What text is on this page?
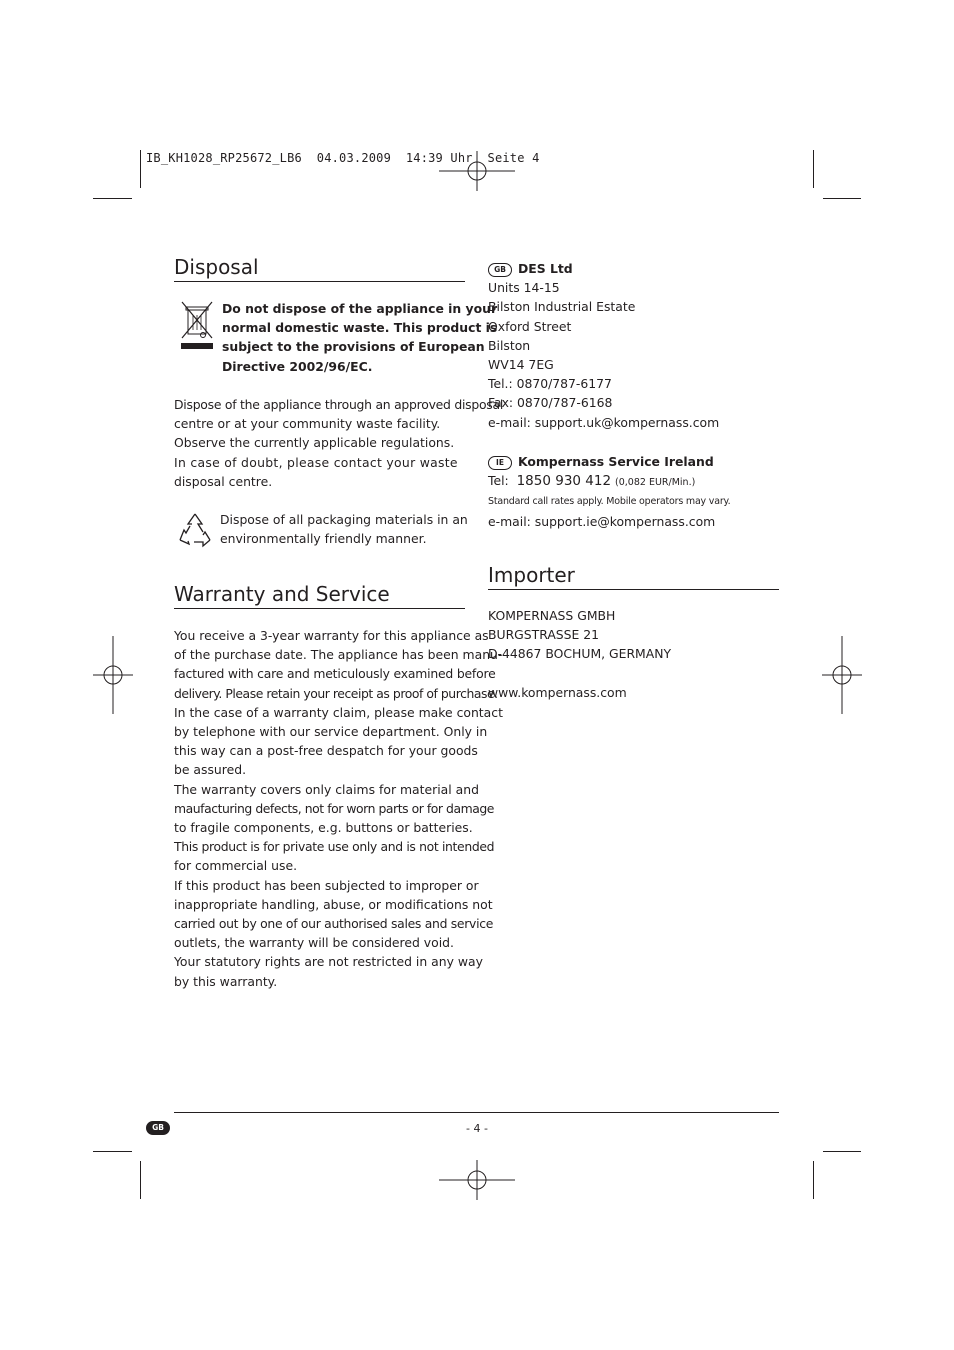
IB_KH1028_RP25672_LB6  04.03.2009  14:39 Uhr  Seite 4
Disposal

Do not dispose of the appliance in your

normal domestic waste. This product is

subject to the provisions of European

Directive 2002/96/EC.

Dispose of the appliance through an approved disposal

centre or at your community waste facility.

Observe the currently applicable regulations.

In case of doubt, please contact your waste

disposal centre.

Dispose of all packaging materials in an

environmentally friendly manner.

Warranty and Service

You receive a 3-year warranty for this appliance as

of the purchase date. The appliance has been manu-

factured with care and meticulously examined before

delivery. Please retain your receipt as proof of purchase.

In the case of a warranty claim, please make contact

by telephone with our service department. Only in

this way can a post-free despatch for your goods

be assured.

The warranty covers only claims for material and

maufacturing defects, not for worn parts or for damage

to fragile components, e.g. buttons or batteries.

This product is for private use only and is not intended

for commercial use.

If this product has been subjected to improper or

inappropriate handling, abuse, or modifications not

carried out by one of our authorised sales and service

outlets, the warranty will be considered void.

Your statutory rights are not restricted in any way

by this warranty.

GB DES Ltd

Units 14-15

Bilston Industrial Estate

Oxford Street

Bilston

WV14 7EG

Tel.: 0870/787-6177

Fax: 0870/787-6168

e-mail: support.uk@kompernass.com

IE Kompernass Service Ireland

Tel: 1850 930 412 (0,082 EUR/Min.)

Standard call rates apply. Mobile operators may vary.

e-mail: support.ie@kompernass.com

Importer

KOMPERNASS GMBH

BURGSTRASSE 21

D-44867 BOCHUM, GERMANY

www.kompernass.com

GB	- 4 -
